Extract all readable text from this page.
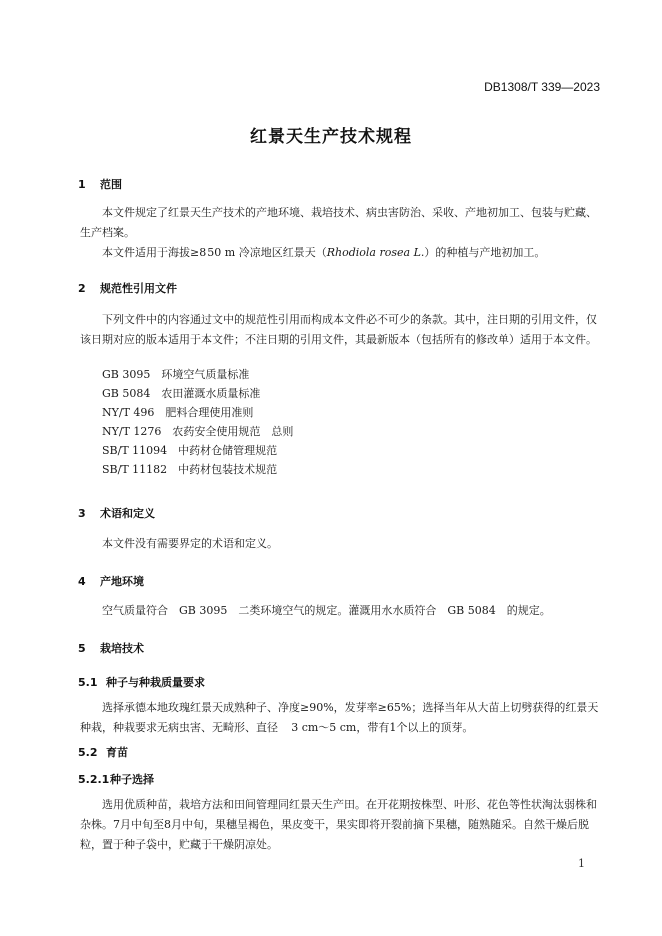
DB1308/T 339—2023
红景天生产技术规程
1 范围
本文件规定了红景天生产技术的产地环境、栽培技术、病虫害防治、采收、产地初加工、包装与贮藏、生产档案。
本文件适用于海拔≥8 50 m 冷凉地区红景天（Rhodiola rosea L.）的种植与产地初加工。
2 规范性引用文件
下列文件中的内容通过文中的规范性引用而构成本文件必不可少的条款。其中，注日期的引用文件，仅该日期对应的版本适用于本文件；不注日期的引用文件，其最新版本（包括所有的修改单）适用于本文件。
GB 3095　环境空气质量标准
GB 5084　农田灌溉水质量标准
NY/T 496　肥料合理使用准则
NY/T 1276　农药安全使用规范　总则
SB/T 11094　中药材仓储管理规范
SB/T 11182　中药材包装技术规范
3 术语和定义
本文件没有需要界定的术语和定义。
4 产地环境
空气质量符合　GB 3095　二类环境空气的规定。灌溉用水水质符合　GB 5084　的规定。
5 栽培技术
5.1 种子与种栽质量要求
选择承德本地玫瑰红景天成熟种子、净度≥90%，发芽率≥65%；选择当年从大苗上切劈获得的红景天种栽，种栽要求无病虫害、无畸形、直径　 3 cm～5 cm，带有1个以上的顶芽。
5.2 育苗
5.2.1种子选择
选用优质种苗，栽培方法和田间管理同红景天生产田。在开花期按株型、叶形、花色等性状淘汰弱株和杂株。7月中旬至8月中旬，果穗呈褐色，果皮变干，果实即将开裂前摘下果穗，随熟随采。自然干燥后脱粒，置于种子袋中，贮藏于干燥阴凉处。
1
